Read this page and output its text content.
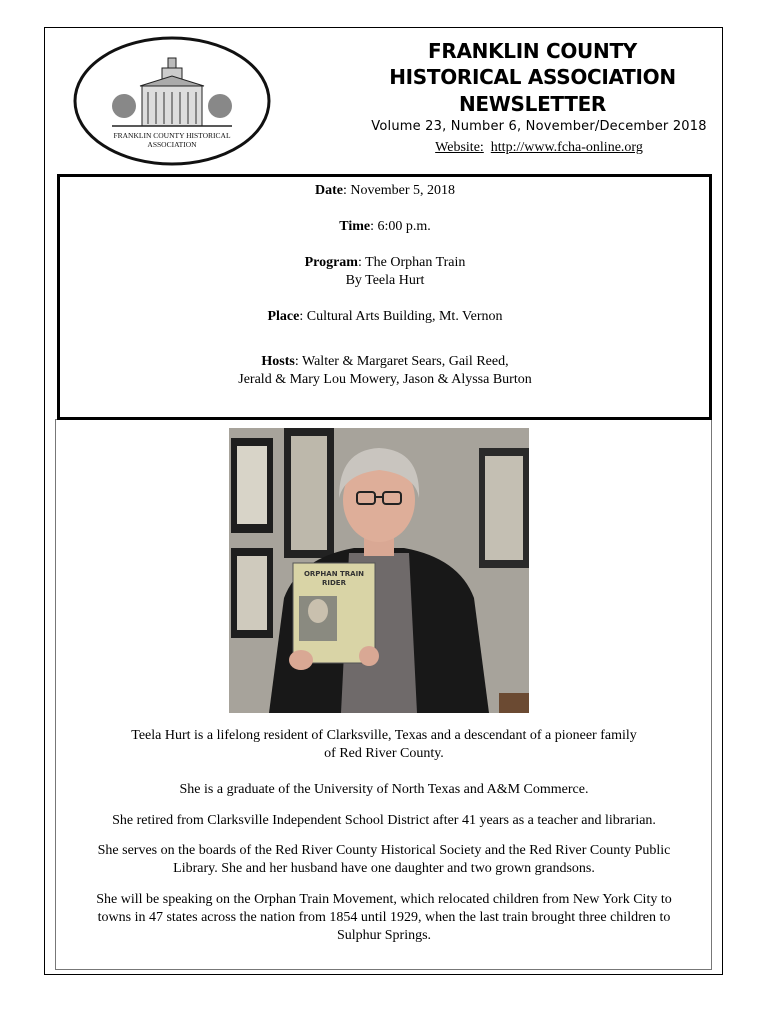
FRANKLIN COUNTY HISTORICAL
ASSOCIATION
FRANKLIN COUNTY
HISTORICAL ASSOCIATION
NEWSLETTER
Volume 23, Number 6, November/December 2018
Website: http://www.fcha-online.org
Date: November 5, 2018
Time: 6:00 p.m.
Program: The Orphan Train
By Teela Hurt
Place: Cultural Arts Building, Mt. Vernon
Hosts: Walter & Margaret Sears, Gail Reed,
Jerald & Mary Lou Mowery, Jason & Alyssa Burton
ORPHAN TRAIN
RIDER
Teela Hurt is a lifelong resident of Clarksville, Texas and a descendant of a pioneer family
of Red River County.
She is a graduate of the University of North Texas and A&M Commerce.
She retired from Clarksville Independent School District after 41 years as a teacher and librarian.
She serves on the boards of the Red River County Historical Society and the Red River County Public
Library. She and her husband have one daughter and two grown grandsons.
She will be speaking on the Orphan Train Movement, which relocated children from New York City to
towns in 47 states across the nation from 1854 until 1929, when the last train brought three children to
Sulphur Springs.
